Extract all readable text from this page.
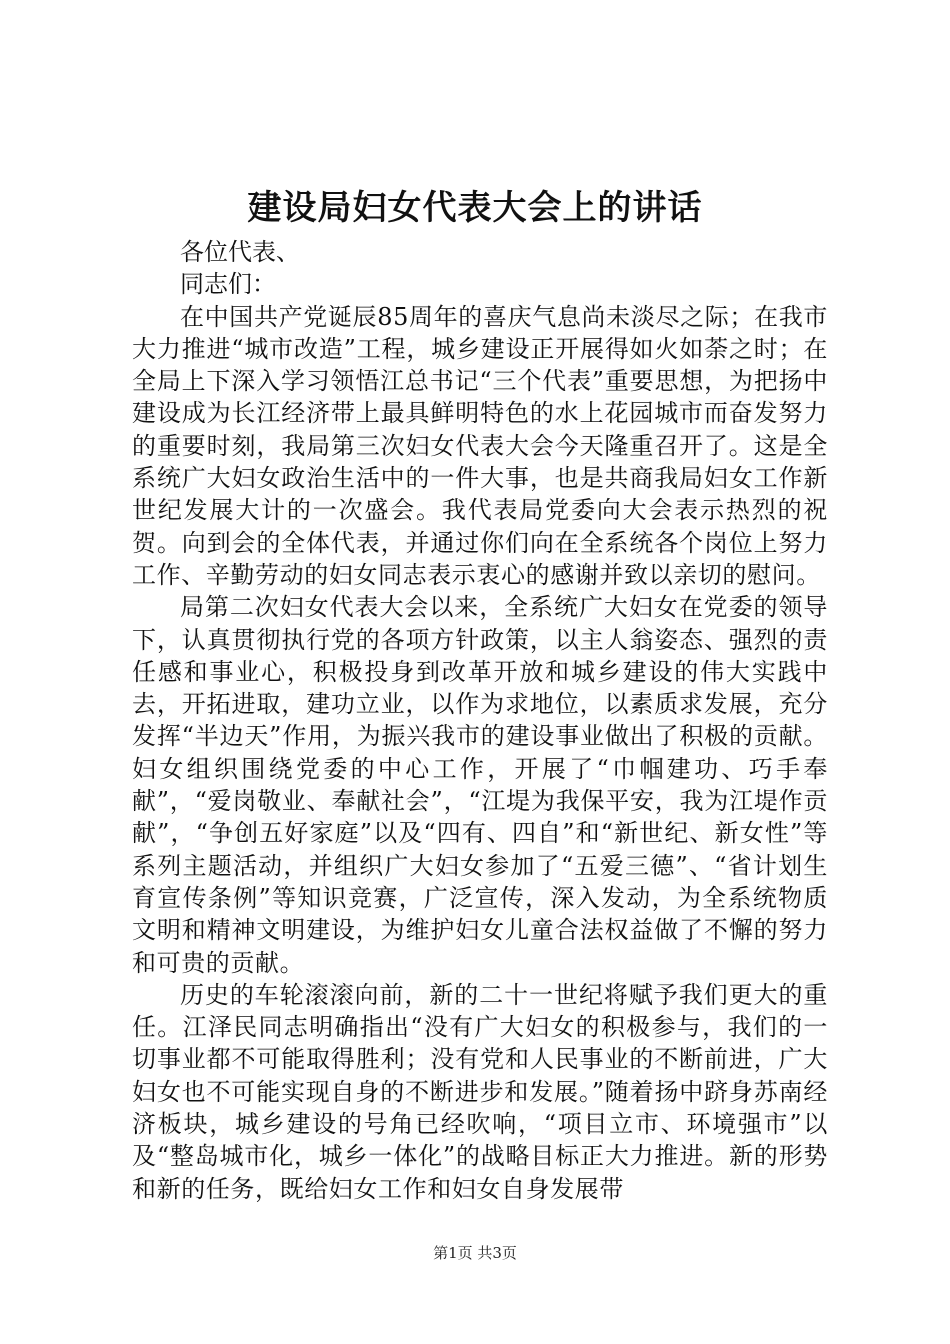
建设局妇女代表大会上的讲话

各位代表、

同志们：

在中国共产党诞辰85周年的喜庆气息尚未淡尽之际；在我市大力推进“城市改造”工程，城乡建设正开展得如火如荼之时；在全局上下深入学习领悟江总书记“三个代表”重要思想，为把扬中建设成为长江经济带上最具鲜明特色的水上花园城市而奋发努力的重要时刻，我局第三次妇女代表大会今天隆重召开了。这是全系统广大妇女政治生活中的一件大事，也是共商我局妇女工作新世纪发展大计的一次盛会。我代表局党委向大会表示热烈的祝贺。向到会的全体代表，并通过你们向在全系统各个岗位上努力工作、辛勤劳动的妇女同志表示衷心的感谢并致以亲切的慰问。

局第二次妇女代表大会以来，全系统广大妇女在党委的领导下，认真贯彻执行党的各项方针政策，以主人翁姿态、强烈的责任感和事业心，积极投身到改革开放和城乡建设的伟大实践中去，开拓进取，建功立业，以作为求地位，以素质求发展，充分发挥“半边天”作用，为振兴我市的建设事业做出了积极的贡献。妇女组织围绕党委的中心工作，开展了“巾帼建功、巧手奉献”，“爱岗敬业、奉献社会”，“江堤为我保平安，我为江堤作贡献”，“争创五好家庭”以及“四有、四自”和“新世纪、新女性”等系列主题活动，并组织广大妇女参加了“五爱三德”、“省计划生育宣传条例”等知识竞赛，广泛宣传，深入发动，为全系统物质文明和精神文明建设，为维护妇女儿童合法权益做了不懈的努力和可贵的贡献。

历史的车轮滚滚向前，新的二十一世纪将赋予我们更大的重任。江泽民同志明确指出“没有广大妇女的积极参与，我们的一切事业都不可能取得胜利；没有党和人民事业的不断前进，广大妇女也不可能实现自身的不断进步和发展。”随着扬中跻身苏南经济板块，城乡建设的号角已经吹响，“项目立市、环境强市”以及“整岛城市化，城乡一体化”的战略目标正大力推进。新的形势和新的任务，既给妇女工作和妇女自身发展带

第1页 共3页
